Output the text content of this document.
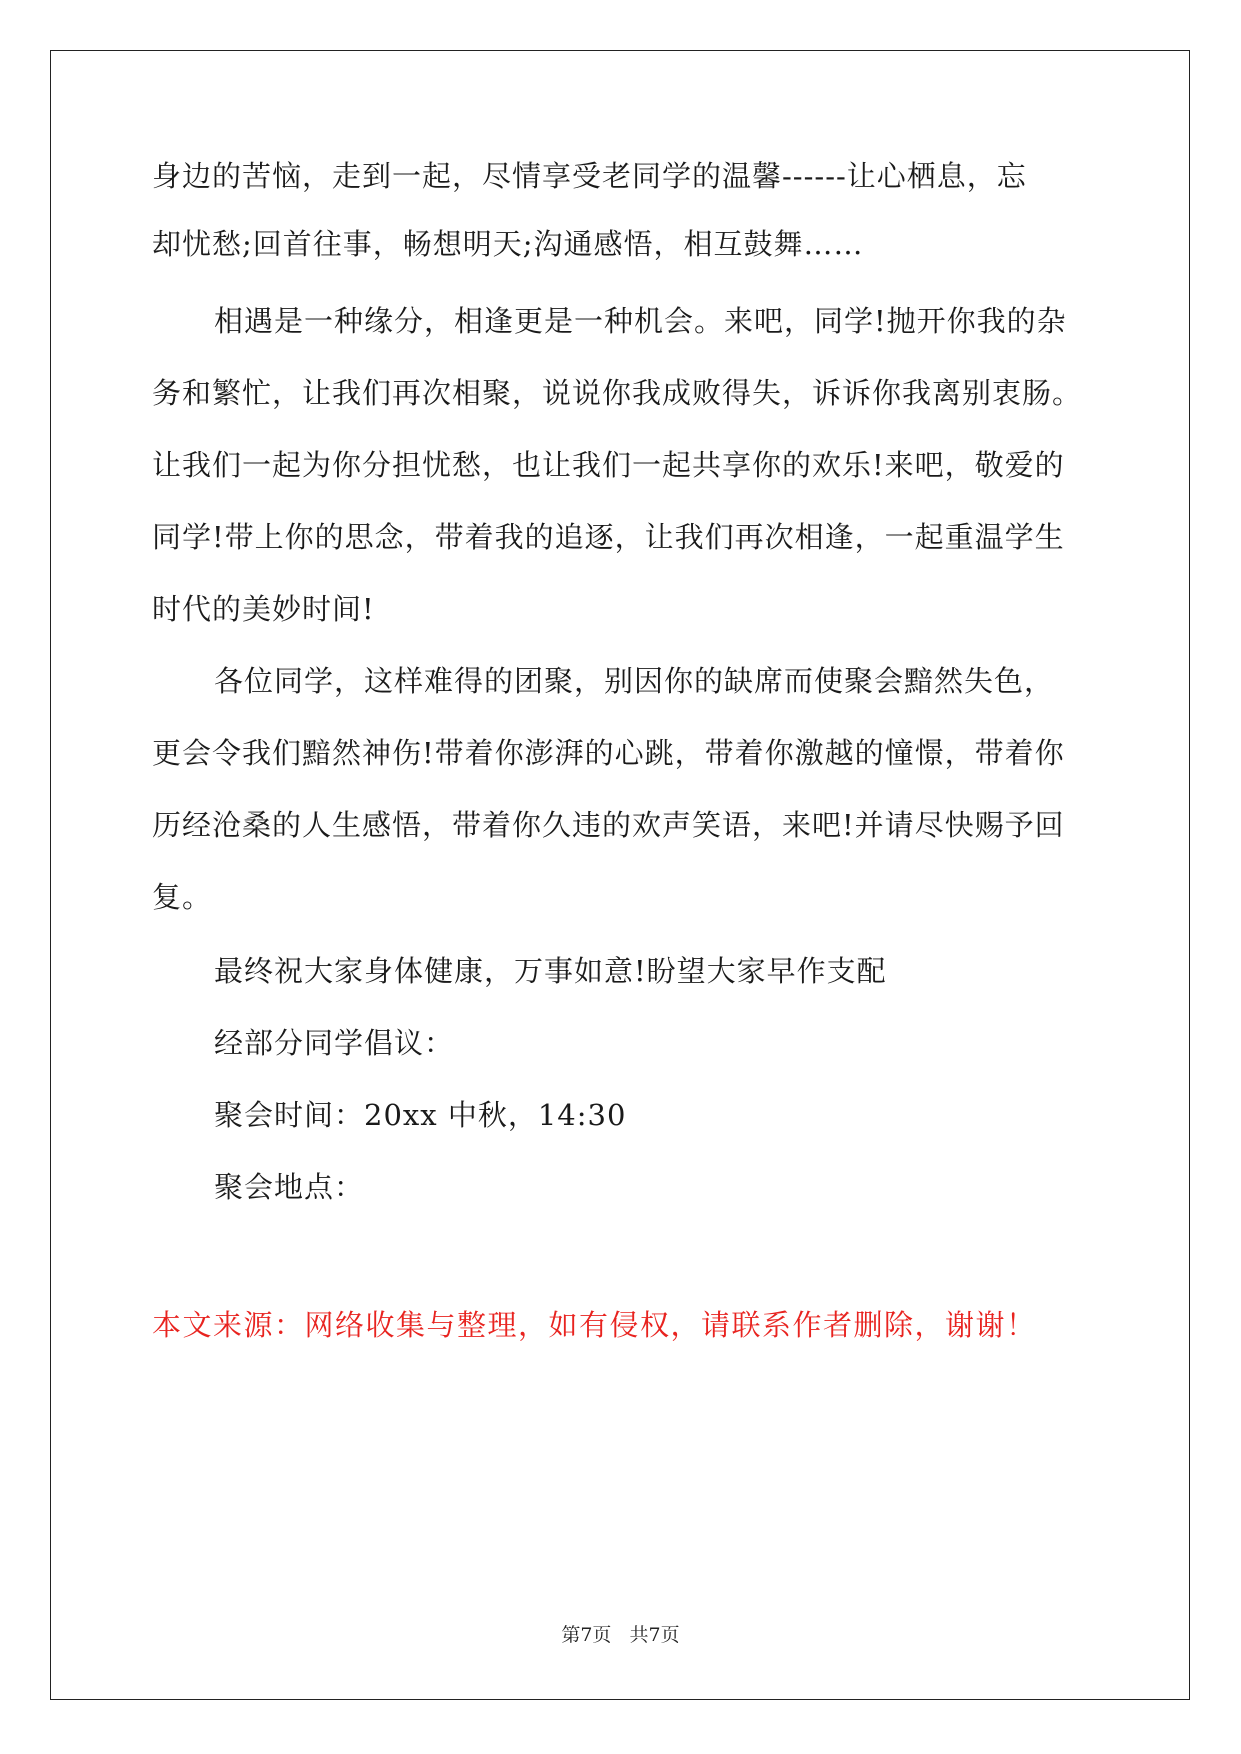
身边的苦恼，走到一起，尽情享受老同学的温馨------让心栖息，忘
却忧愁;回首往事，畅想明天;沟通感悟，相互鼓舞……
相遇是一种缘分，相逢更是一种机会。来吧，同学!抛开你我的杂
务和繁忙，让我们再次相聚，说说你我成败得失，诉诉你我离别衷肠。
让我们一起为你分担忧愁，也让我们一起共享你的欢乐!来吧，敬爱的
同学!带上你的思念，带着我的追逐，让我们再次相逢，一起重温学生
时代的美妙时间!
各位同学，这样难得的团聚，别因你的缺席而使聚会黯然失色，
更会令我们黯然神伤!带着你澎湃的心跳，带着你激越的憧憬，带着你
历经沧桑的人生感悟，带着你久违的欢声笑语，来吧!并请尽快赐予回
复。
最终祝大家身体健康，万事如意!盼望大家早作支配
经部分同学倡议：
聚会时间：20xx 中秋，14:30
聚会地点：
本文来源：网络收集与整理，如有侵权，请联系作者删除，谢谢！
第7页   共7页
